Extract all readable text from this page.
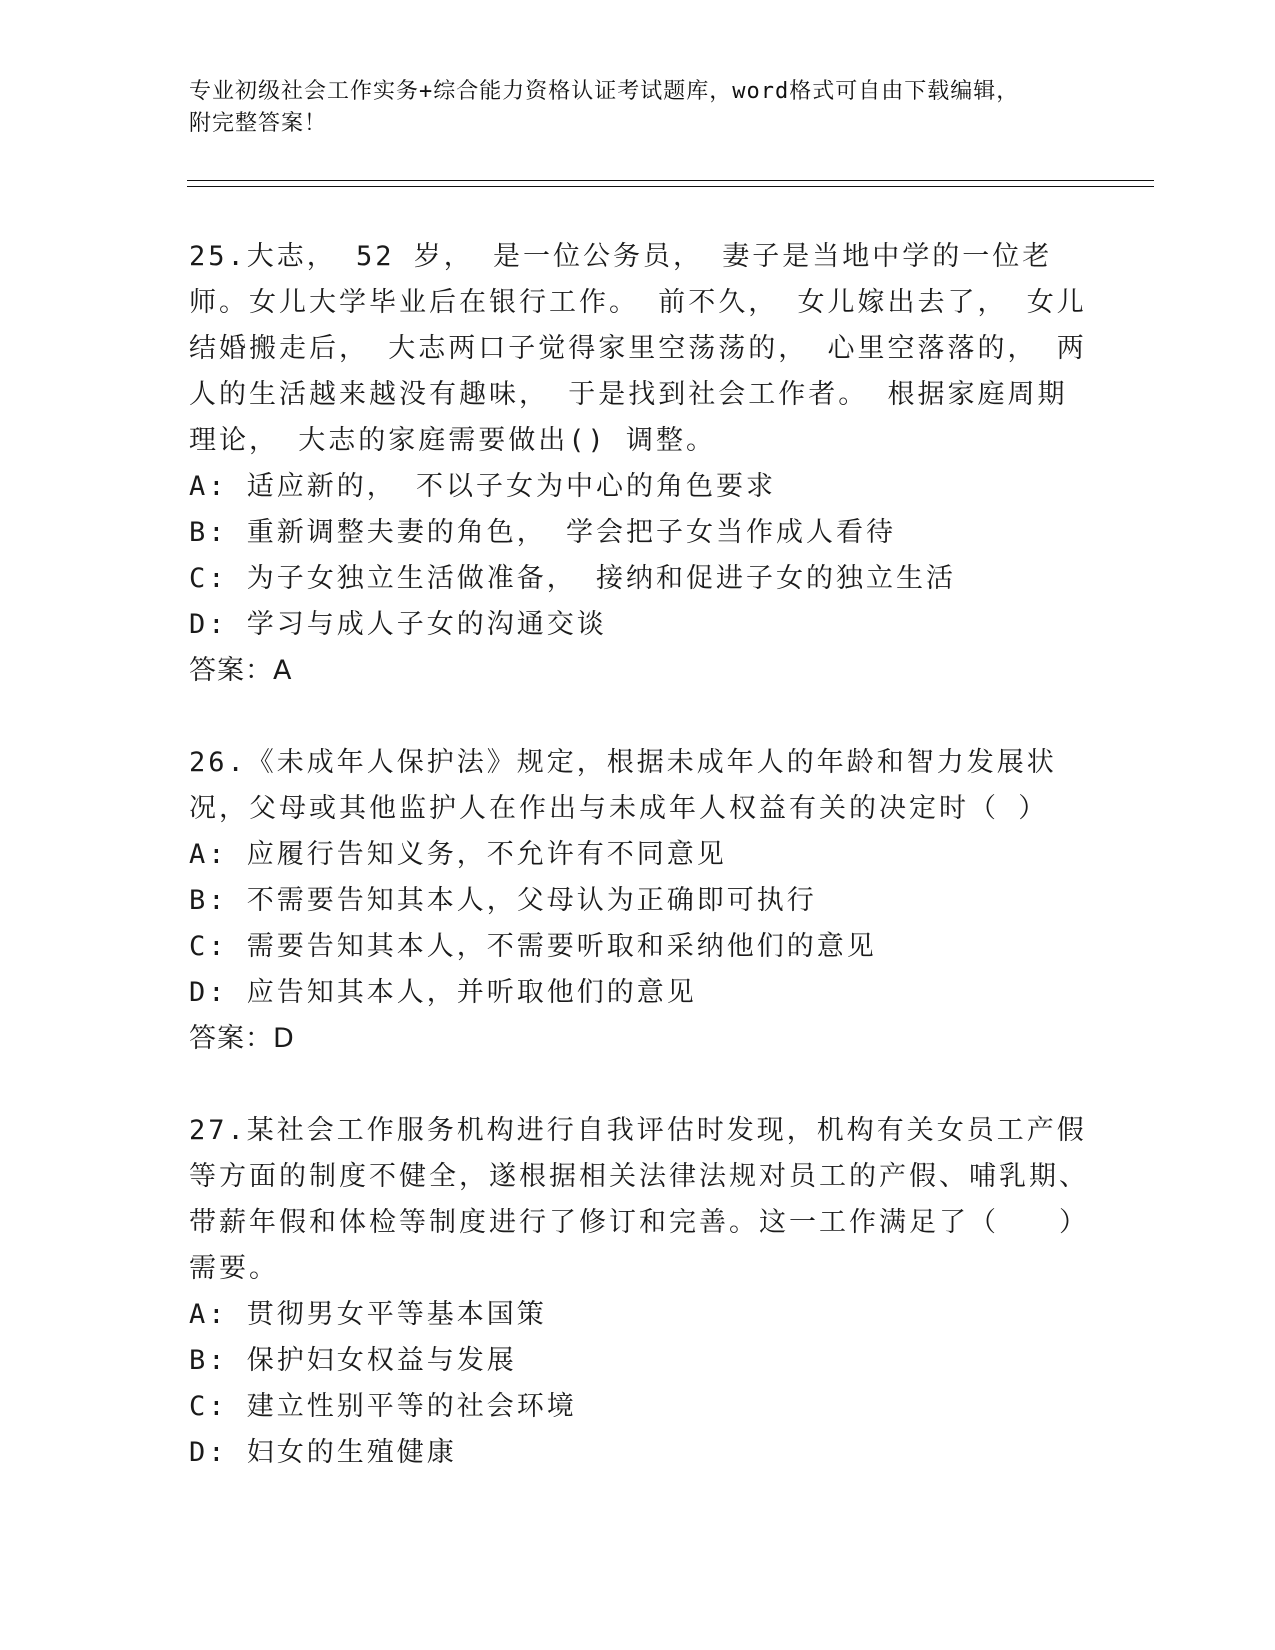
专业初级社会工作实务+综合能力资格认证考试题库，word格式可自由下载编辑，
附完整答案！

25.大志， 52 岁， 是一位公务员， 妻子是当地中学的一位老师。女儿大学毕业后在银行工作。 前不久， 女儿嫁出去了， 女儿结婚搬走后， 大志两口子觉得家里空荡荡的， 心里空落落的， 两人的生活越来越没有趣味， 于是找到社会工作者。 根据家庭周期理论， 大志的家庭需要做出() 调整。

A: 适应新的， 不以子女为中心的角色要求
B: 重新调整夫妻的角色， 学会把子女当作成人看待
C: 为子女独立生活做准备， 接纳和促进子女的独立生活
D: 学习与成人子女的沟通交谈
答案：A

26.《未成年人保护法》规定，根据未成年人的年龄和智力发展状况，父母或其他监护人在作出与未成年人权益有关的决定时（ ）

A: 应履行告知义务，不允许有不同意见
B: 不需要告知其本人，父母认为正确即可执行
C: 需要告知其本人，不需要听取和采纳他们的意见
D: 应告知其本人，并听取他们的意见
答案：D

27.某社会工作服务机构进行自我评估时发现，机构有关女员工产假等方面的制度不健全，遂根据相关法律法规对员工的产假、哺乳期、带薪年假和体检等制度进行了修订和完善。这一工作满足了（　　）需要。

A: 贯彻男女平等基本国策
B: 保护妇女权益与发展
C: 建立性别平等的社会环境
D: 妇女的生殖健康
